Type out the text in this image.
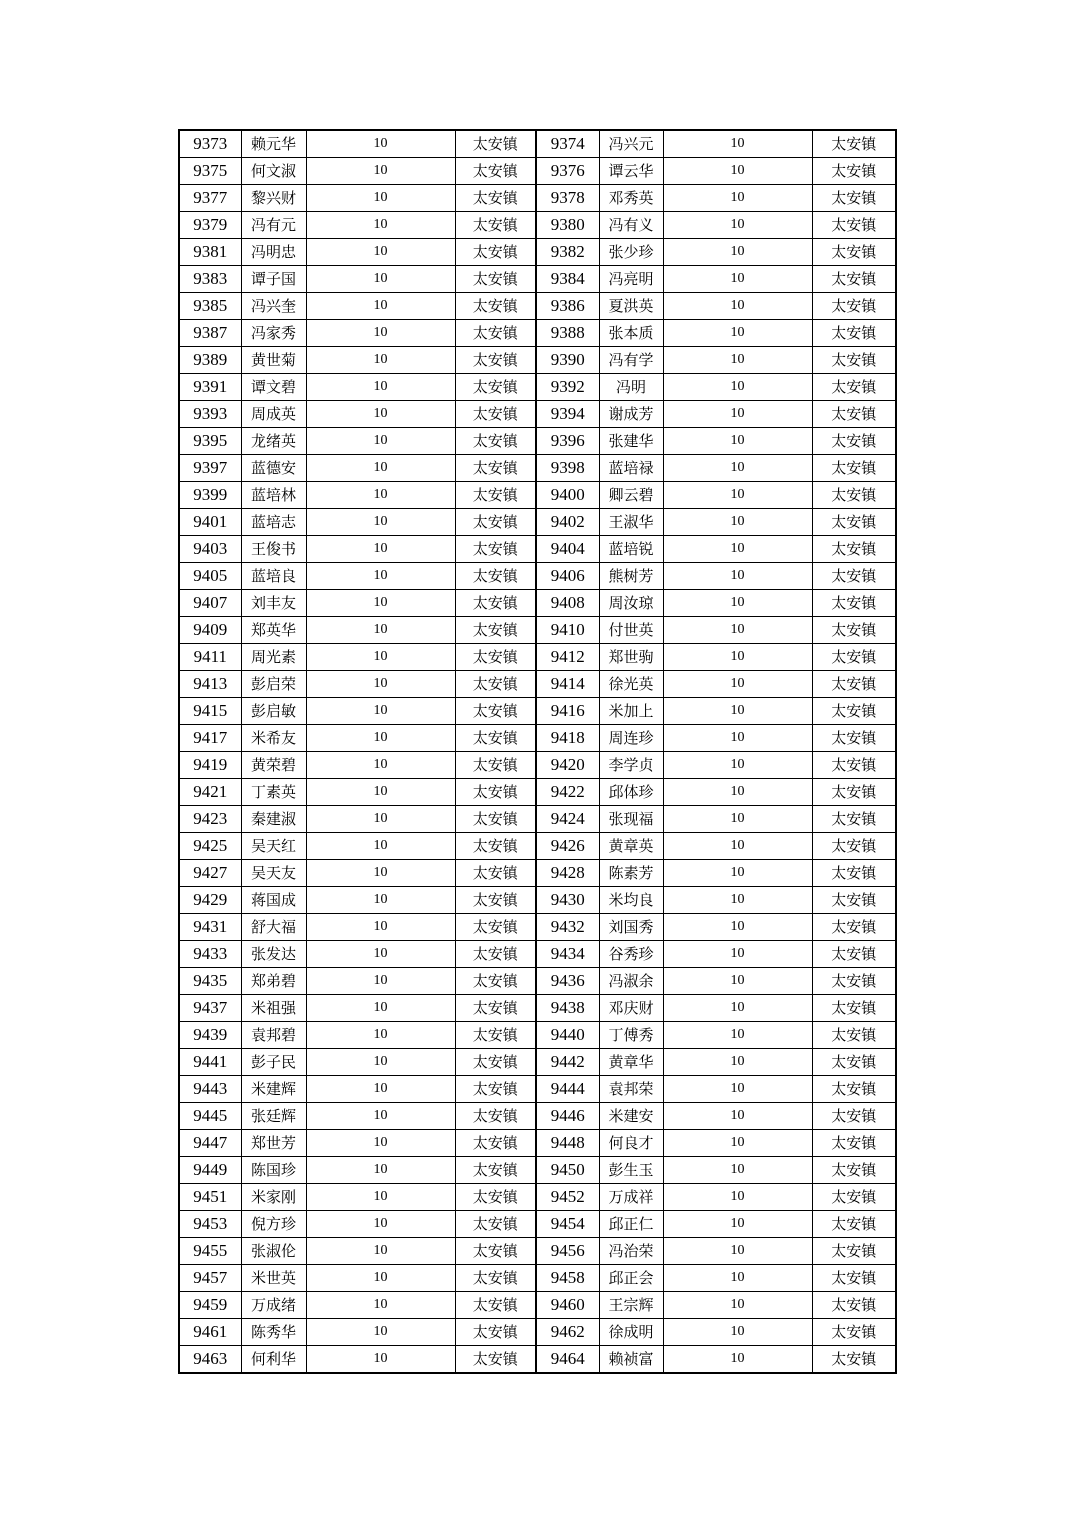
9373	赖元华	10	太安镇	9374	冯兴元	10	太安镇
9375	何文淑	10	太安镇	9376	谭云华	10	太安镇
9377	黎兴财	10	太安镇	9378	邓秀英	10	太安镇
9379	冯有元	10	太安镇	9380	冯有义	10	太安镇
9381	冯明忠	10	太安镇	9382	张少珍	10	太安镇
9383	谭子国	10	太安镇	9384	冯亮明	10	太安镇
9385	冯兴奎	10	太安镇	9386	夏洪英	10	太安镇
9387	冯家秀	10	太安镇	9388	张本质	10	太安镇
9389	黄世菊	10	太安镇	9390	冯有学	10	太安镇
9391	谭文碧	10	太安镇	9392	冯明	10	太安镇
9393	周成英	10	太安镇	9394	谢成芳	10	太安镇
9395	龙绪英	10	太安镇	9396	张建华	10	太安镇
9397	蓝德安	10	太安镇	9398	蓝培禄	10	太安镇
9399	蓝培林	10	太安镇	9400	卿云碧	10	太安镇
9401	蓝培志	10	太安镇	9402	王淑华	10	太安镇
9403	王俊书	10	太安镇	9404	蓝培锐	10	太安镇
9405	蓝培良	10	太安镇	9406	熊树芳	10	太安镇
9407	刘丰友	10	太安镇	9408	周汝琼	10	太安镇
9409	郑英华	10	太安镇	9410	付世英	10	太安镇
9411	周光素	10	太安镇	9412	郑世驹	10	太安镇
9413	彭启荣	10	太安镇	9414	徐光英	10	太安镇
9415	彭启敏	10	太安镇	9416	米加上	10	太安镇
9417	米希友	10	太安镇	9418	周连珍	10	太安镇
9419	黄荣碧	10	太安镇	9420	李学贞	10	太安镇
9421	丁素英	10	太安镇	9422	邱体珍	10	太安镇
9423	秦建淑	10	太安镇	9424	张现福	10	太安镇
9425	吴天红	10	太安镇	9426	黄章英	10	太安镇
9427	吴天友	10	太安镇	9428	陈素芳	10	太安镇
9429	蒋国成	10	太安镇	9430	米均良	10	太安镇
9431	舒大福	10	太安镇	9432	刘国秀	10	太安镇
9433	张发达	10	太安镇	9434	谷秀珍	10	太安镇
9435	郑弟碧	10	太安镇	9436	冯淑余	10	太安镇
9437	米祖强	10	太安镇	9438	邓庆财	10	太安镇
9439	袁邦碧	10	太安镇	9440	丁傅秀	10	太安镇
9441	彭子民	10	太安镇	9442	黄章华	10	太安镇
9443	米建辉	10	太安镇	9444	袁邦荣	10	太安镇
9445	张廷辉	10	太安镇	9446	米建安	10	太安镇
9447	郑世芳	10	太安镇	9448	何良才	10	太安镇
9449	陈国珍	10	太安镇	9450	彭生玉	10	太安镇
9451	米家刚	10	太安镇	9452	万成祥	10	太安镇
9453	倪方珍	10	太安镇	9454	邱正仁	10	太安镇
9455	张淑伦	10	太安镇	9456	冯治荣	10	太安镇
9457	米世英	10	太安镇	9458	邱正会	10	太安镇
9459	万成绪	10	太安镇	9460	王宗辉	10	太安镇
9461	陈秀华	10	太安镇	9462	徐成明	10	太安镇
9463	何利华	10	太安镇	9464	赖祯富	10	太安镇
